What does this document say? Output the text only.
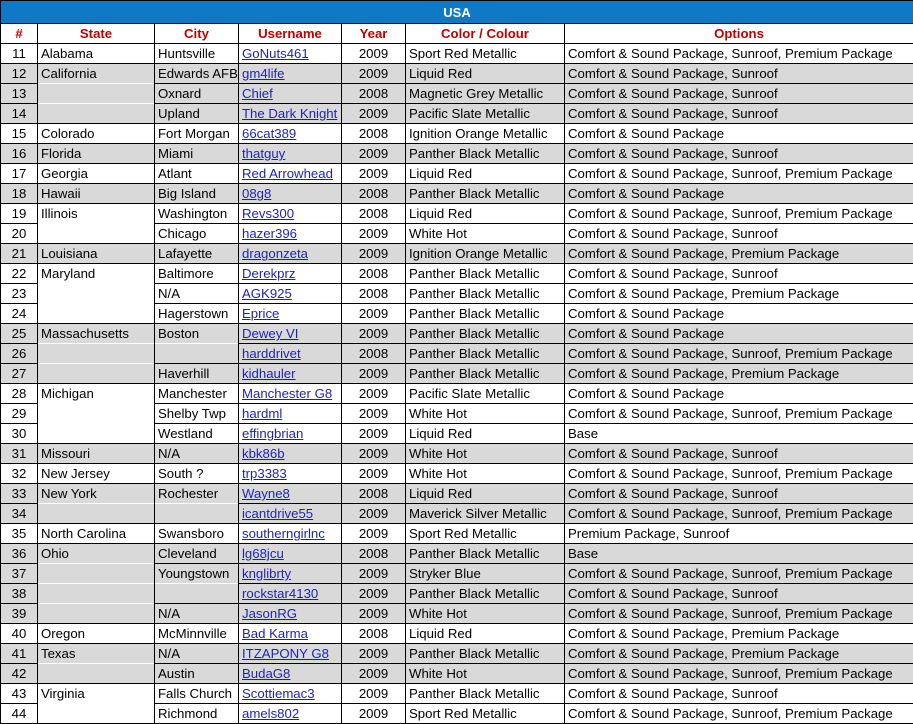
USA						
#	State	City	Username	Year	Color / Colour	Options
11	Alabama	Huntsville	GoNuts461	2009	Sport Red Metallic	Comfort & Sound Package, Sunroof, Premium Package
12	California	Edwards AFB	gm4life	2009	Liquid Red	Comfort & Sound Package, Sunroof
13		Oxnard	Chief	2008	Magnetic Grey Metallic	Comfort & Sound Package, Sunroof
14		Upland	The Dark Knight	2009	Pacific Slate Metallic	Comfort & Sound Package, Sunroof
15	Colorado	Fort Morgan	66cat389	2008	Ignition Orange Metallic	Comfort & Sound Package
16	Florida	Miami	thatguy	2009	Panther Black Metallic	Comfort & Sound Package, Sunroof
17	Georgia	Atlant	Red Arrowhead	2009	Liquid Red	Comfort & Sound Package, Sunroof, Premium Package
18	Hawaii	Big Island	08g8	2008	Panther Black Metallic	Comfort & Sound Package
19	Illinois	Washington	Revs300	2008	Liquid Red	Comfort & Sound Package, Sunroof, Premium Package
20		Chicago	hazer396	2009	White Hot	Comfort & Sound Package, Sunroof
21	Louisiana	Lafayette	dragonzeta	2009	Ignition Orange Metallic	Comfort & Sound Package, Premium Package
22	Maryland	Baltimore	Derekprz	2008	Panther Black Metallic	Comfort & Sound Package, Sunroof
23		N/A	AGK925	2008	Panther Black Metallic	Comfort & Sound Package, Premium Package
24		Hagerstown	Eprice	2009	Panther Black Metallic	Comfort & Sound Package
25	Massachusetts	Boston	Dewey VI	2009	Panther Black Metallic	Comfort & Sound Package
26			harddrivet	2008	Panther Black Metallic	Comfort & Sound Package, Sunroof, Premium Package
27		Haverhill	kidhauler	2009	Panther Black Metallic	Comfort & Sound Package, Premium Package
28	Michigan	Manchester	Manchester G8	2009	Pacific Slate Metallic	Comfort & Sound Package
29		Shelby Twp	hardml	2009	White Hot	Comfort & Sound Package, Sunroof, Premium Package
30		Westland	effingbrian	2009	Liquid Red	Base
31	Missouri	N/A	kbk86b	2009	White Hot	Comfort & Sound Package, Sunroof
32	New Jersey	South ?	trp3383	2009	White Hot	Comfort & Sound Package, Sunroof, Premium Package
33	New York	Rochester	Wayne8	2008	Liquid Red	Comfort & Sound Package, Sunroof
34			icantdrive55	2009	Maverick Silver Metallic	Comfort & Sound Package, Sunroof, Premium Package
35	North Carolina	Swansboro	southerngirlnc	2009	Sport Red Metallic	Premium Package, Sunroof
36	Ohio	Cleveland	lg68jcu	2008	Panther Black Metallic	Base
37		Youngstown	knglibrty	2009	Stryker Blue	Comfort & Sound Package, Sunroof, Premium Package
38			rockstar4130	2009	Panther Black Metallic	Comfort & Sound Package, Sunroof
39		N/A	JasonRG	2009	White Hot	Comfort & Sound Package, Sunroof, Premium Package
40	Oregon	McMinnville	Bad Karma	2008	Liquid Red	Comfort & Sound Package, Premium Package
41	Texas	N/A	ITZAPONY G8	2009	Panther Black Metallic	Comfort & Sound Package, Premium Package
42		Austin	BudaG8	2009	White Hot	Comfort & Sound Package, Sunroof, Premium Package
43	Virginia	Falls Church	Scottiemac3	2009	Panther Black Metallic	Comfort & Sound Package, Sunroof
44		Richmond	amels802	2009	Sport Red Metallic	Comfort & Sound Package, Sunroof, Premium Package
